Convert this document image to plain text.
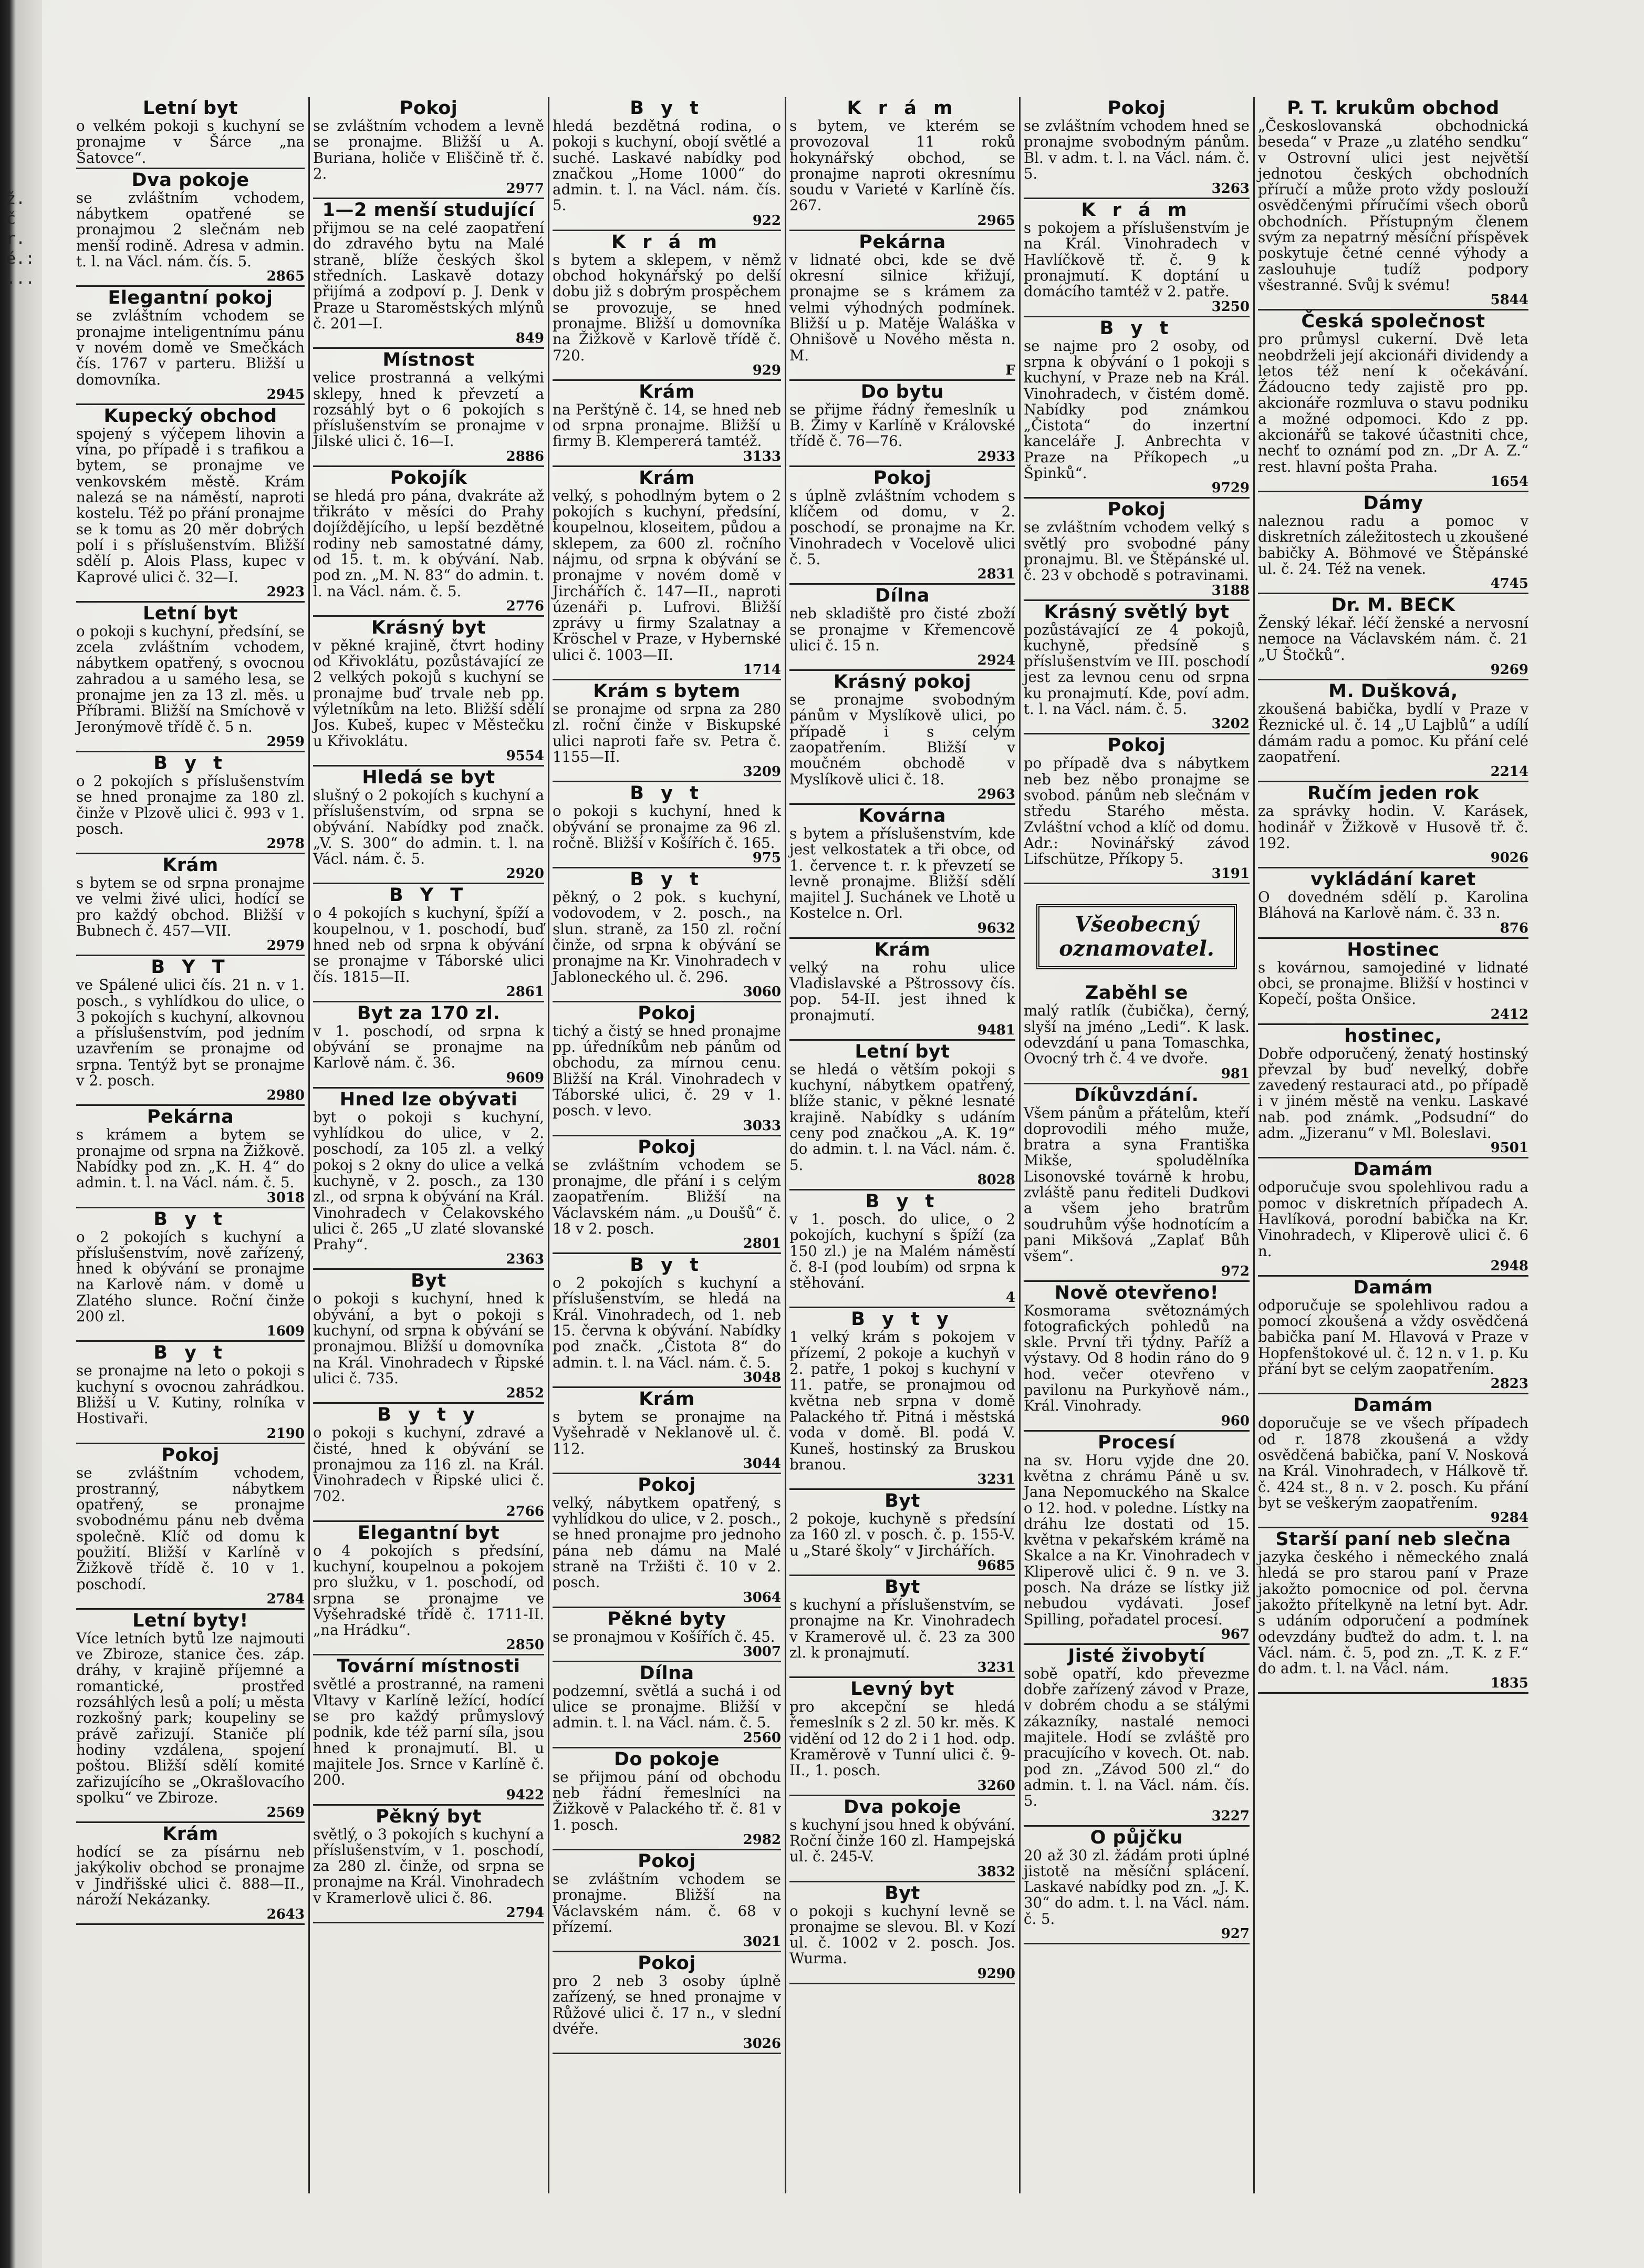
ž.čr.é.: ...
Letní byt
o velkém pokoji s kuchyní se pronajme v Šárce „na Šatovce“.
Dva pokoje
se zvláštním vchodem, nábytkem opatřené se pronajmou 2 slečnám neb menší rodině. Adresa v admin. t. l. na Václ. nám. čís. 5.
2865
Elegantní pokoj
se zvláštním vchodem se pronajme inteligentnímu pánu v novém domě ve Smečkách čís. 1767 v parteru. Bližší u domovníka.
2945
Kupecký obchod
spojený s výčepem lihovin a vína, po případě i s trafikou a bytem, se pronajme ve venkovském městě. Krám nalezá se na náměstí, naproti kostelu. Též po přání pronajme se k tomu as 20 měr dobrých polí i s příslušenstvím. Bližší sdělí p. Alois Plass, kupec v Kaprové ulici č. 32—I.
2923
Letní byt
o pokoji s kuchyní, předsíní, se zcela zvláštním vchodem, nábytkem opatřený, s ovocnou zahradou a u samého lesa, se pronajme jen za 13 zl. měs. u Příbrami. Bližší na Smíchově v Jeronýmově třídě č. 5 n.
2959
B y t
o 2 pokojích s příslušenstvím se hned pronajme za 180 zl. činže v Plzově ulici č. 993 v 1. posch.
2978
Krám
s bytem se od srpna pronajme ve velmi živé ulici, hodící se pro každý obchod. Bližší v Bubnech č. 457—VII.
2979
B Y T
ve Spálené ulici čís. 21 n. v 1. posch., s vyhlídkou do ulice, o 3 pokojích s kuchyní, alkovnou a příslušenstvím, pod jedním uzavřením se pronajme od srpna. Tentýž byt se pronajme v 2. posch.
2980
Pekárna
s krámem a bytem se pronajme od srpna na Žižkově. Nabídky pod zn. „K. H. 4“ do admin. t. l. na Václ. nám. č. 5.
3018
B y t
o 2 pokojích s kuchyní a příslušenstvím, nově zařízený, hned k obývání se pronajme na Karlově nám. v domě u Zlatého slunce. Roční činže 200 zl.
1609
B y t
se pronajme na leto o pokoji s kuchyní s ovocnou zahrádkou. Bližší u V. Kutiny, rolníka v Hostivaři.
2190
Pokoj
se zvláštním vchodem, prostranný, nábytkem opatřený, se pronajme svobodnému pánu neb dvěma společně. Klíč od domu k použití. Bližší v Karlíně v Žižkově třídě č. 10 v 1. poschodí.
2784
Letní byty!
Více letních bytů lze najmouti ve Zbiroze, stanice čes. záp. dráhy, v krajině příjemné a romantické, prostřed rozsáhlých lesů a polí; u města rozkošný park; koupeliny se právě zařizují. Staniče plí hodiny vzdálena, spojení poštou. Bližší sdělí komité zařizujícího se „Okrašlovacího spolku“ ve Zbiroze.
2569
Krám
hodící se za písárnu neb jakýkoliv obchod se pronajme v Jindřišské ulici č. 888—II., nároží Nekázanky.
2643
Pokoj
se zvláštním vchodem a levně se pronajme. Bližší u A. Buriana, holiče v Eliščině tř. č. 2.
2977
1—2 menší studující
přijmou se na celé zaopatření do zdravého bytu na Malé straně, blíže českých škol středních. Laskavě dotazy přijímá a zodpoví p. J. Denk v Praze u Staroměstských mlýnů č. 201—I.
849
Místnost
velice prostranná a velkými sklepy, hned k převzetí a rozsáhlý byt o 6 pokojích s příslušenstvím se pronajme v Jilské ulici č. 16—I.
2886
Pokojík
se hledá pro pána, dvakráte až třikráto v měsíci do Prahy dojíždějícího, u lepší bezdětné rodiny neb samostatné dámy, od 15. t. m. k obývání. Nab. pod zn. „M. N. 83“ do admin. t. l. na Václ. nám. č. 5.
2776
Krásný byt
v pěkné krajině, čtvrt hodiny od Křivoklátu, pozůstávající ze 2 velkých pokojů s kuchyní se pronajme buď trvale neb pp. výletníkům na leto. Bližší sdělí Jos. Kubeš, kupec v Městečku u Křivoklátu.
9554
Hledá se byt
slušný o 2 pokojích s kuchyní a příslušenstvím, od srpna se obývání. Nabídky pod značk. „V. S. 300“ do admin. t. l. na Václ. nám. č. 5.
2920
B Y T
o 4 pokojích s kuchyní, špíží a koupelnou, v 1. poschodí, buď hned neb od srpna k obývání se pronajme v Táborské ulici čís. 1815—II.
2861
Byt za 170 zl.
v 1. poschodí, od srpna k obývání se pronajme na Karlově nám. č. 36.
9609
Hned lze obývati
byt o pokoji s kuchyní, vyhlídkou do ulice, v 2. poschodí, za 105 zl. a velký pokoj s 2 okny do ulice a velká kuchyně, v 2. posch., za 130 zl., od srpna k obývání na Král. Vinohradech v Čelakovského ulici č. 265 „U zlaté slovanské Prahy“.
2363
Byt
o pokoji s kuchyní, hned k obývání, a byt o pokoji s kuchyní, od srpna k obývání se pronajmou. Bližší u domovníka na Král. Vinohradech v Řipské ulici č. 735.
2852
B y t y
o pokoji s kuchyní, zdravé a čisté, hned k obývání se pronajmou za 116 zl. na Král. Vinohradech v Řipské ulici č. 702.
2766
Elegantní byt
o 4 pokojích s předsíní, kuchyní, koupelnou a pokojem pro služku, v 1. poschodí, od srpna se pronajme ve Vyšehradské třídě č. 1711-II. „na Hrádku“.
2850
Tovární místnosti
světlé a prostranné, na rameni Vltavy v Karlíně ležící, hodící se pro každý průmyslový podnik, kde též parní síla, jsou hned k pronajmutí. Bl. u majitele Jos. Srnce v Karlíně č. 200.
9422
Pěkný byt
světlý, o 3 pokojích s kuchyní a příslušenstvím, v 1. poschodí, za 280 zl. činže, od srpna se pronajme na Král. Vinohradech v Kramerlově ulici č. 86.
2794
B y t
hledá bezdětná rodina, o pokoji s kuchyní, obojí světlé a suché. Laskavé nabídky pod značkou „Home 1000“ do admin. t. l. na Václ. nám. čís. 5.
922
K r á m
s bytem a sklepem, v němž obchod hokynářský po delší dobu již s dobrým prospěchem se provozuje, se hned pronajme. Bližší u domovníka na Žižkově v Karlově třídě č. 720.
929
Krám
na Perštýně č. 14, se hned neb od srpna pronajme. Bližší u firmy B. Klempererá tamtéž.
3133
Krám
velký, s pohodlným bytem o 2 pokojích s kuchyní, předsíní, koupelnou, kloseitem, půdou a sklepem, za 600 zl. ročního nájmu, od srpna k obývání se pronajme v novém domě v Jirchářích č. 147—II., naproti úzenáři p. Lufrovi. Bližší zprávy u firmy Szalatnay a Kröschel v Praze, v Hybernské ulici č. 1003—II.
1714
Krám s bytem
se pronajme od srpna za 280 zl. roční činže v Biskupské ulici naproti faře sv. Petra č. 1155—II.
3209
B y t
o pokoji s kuchyní, hned k obývání se pronajme za 96 zl. ročně. Bližší v Košířích č. 165.
975
B y t
pěkný, o 2 pok. s kuchyní, vodovodem, v 2. posch., na slun. straně, za 150 zl. roční činže, od srpna k obývání se pronajme na Kr. Vinohradech v Jabloneckého ul. č. 296.
3060
Pokoj
tichý a čistý se hned pronajme pp. úředníkům neb pánům od obchodu, za mírnou cenu. Bližší na Král. Vinohradech v Táborské ulici, č. 29 v 1. posch. v levo.
3033
Pokoj
se zvláštním vchodem se pronajme, dle přání i s celým zaopatřením. Bližší na Václavském nám. „u Doušů“ č. 18 v 2. posch.
2801
B y t
o 2 pokojích s kuchyní a příslušenstvím, se hledá na Král. Vinohradech, od 1. neb 15. června k obývání. Nabídky pod značk. „Čistota 8“ do admin. t. l. na Václ. nám. č. 5.
3048
Krám
s bytem se pronajme na Vyšehradě v Neklanově ul. č. 112.
3044
Pokoj
velký, nábytkem opatřený, s vyhlídkou do ulice, v 2. posch., se hned pronajme pro jednoho pána neb dámu na Malé straně na Tržišti č. 10 v 2. posch.
3064
Pěkné byty
se pronajmou v Košířích č. 45.
3007
Dílna
podzemní, světlá a suchá i od ulice se pronajme. Bližší v admin. t. l. na Václ. nám. č. 5.
2560
Do pokoje
se přijmou pání od obchodu neb řádní řemeslníci na Žižkově v Palackého tř. č. 81 v 1. posch.
2982
Pokoj
se zvláštním vchodem se pronajme. Bližší na Václavském nám. č. 68 v přízemí.
3021
Pokoj
pro 2 neb 3 osoby úplně zařízený, se hned pronajme v Růžové ulici č. 17 n., v slední dvéře.
3026
K r á m
s bytem, ve kterém se provozoval 11 roků hokynářský obchod, se pronajme naproti okresnímu soudu v Varieté v Karlíně čís. 267.
2965
Pekárna
v lidnaté obci, kde se dvě okresní silnice křižují, pronajme se s krámem za velmi výhodných podmínek. Bližší u p. Matěje Waláška v Ohnišově u Nového města n. M.
F
Do bytu
se přijme řádný řemeslník u B. Žimy v Karlíně v Královské třídě č. 76—76.
2933
Pokoj
s úplně zvláštním vchodem s klíčem od domu, v 2. poschodí, se pronajme na Kr. Vinohradech v Vocelově ulici č. 5.
2831
Dílna
neb skladiště pro čisté zboží se pronajme v Křemencově ulici č. 15 n.
2924
Krásný pokoj
se pronajme svobodným pánům v Myslíkově ulici, po případě i s celým zaopatřením. Bližší v moučném obchodě v Myslíkově ulici č. 18.
2963
Kovárna
s bytem a příslušenstvím, kde jest velkostatek a tři obce, od 1. července t. r. k převzetí se levně pronajme. Bližší sdělí majitel J. Suchánek ve Lhotě u Kostelce n. Orl.
9632
Krám
velký na rohu ulice Vladislavské a Pštrossovy čís. pop. 54-II. jest ihned k pronajmutí.
9481
Letní byt
se hledá o větším pokoji s kuchyní, nábytkem opatřený, blíže stanic, v pěkné lesnaté krajině. Nabídky s udáním ceny pod značkou „A. K. 19“ do admin. t. l. na Václ. nám. č. 5.
8028
B y t
v 1. posch. do ulice, o 2 pokojích, kuchyní s špíží (za 150 zl.) je na Malém náměstí č. 8-I (pod loubím) od srpna k stěhování.
4
B y t y
1 velký krám s pokojem v přízemí, 2 pokoje a kuchyň v 2. patře, 1 pokoj s kuchyní v 11. patře, se pronajmou od května neb srpna v domě Palackého tř. Pitná i městská voda v domě. Bl. podá V. Kuneš, hostinský za Bruskou branou.
3231
Byt
2 pokoje, kuchyně s předsíní za 160 zl. v posch. č. p. 155-V. u „Staré školy“ v Jirchářích.
9685
Byt
s kuchyní a příslušenstvím, se pronajme na Kr. Vinohradech v Kramerově ul. č. 23 za 300 zl. k pronajmutí.
3231
Levný byt
pro akcepční se hledá řemeslník s 2 zl. 50 kr. měs. K vidění od 12 do 2 i 1 hod. odp. Kraměrově v Tunní ulici č. 9-II., 1. posch.
3260
Dva pokoje
s kuchyní jsou hned k obývání. Roční činže 160 zl. Hampejská ul. č. 245-V.
3832
Byt
o pokoji s kuchyní levně se pronajme se slevou. Bl. v Kozí ul. č. 1002 v 2. posch. Jos. Wurma.
9290
Pokoj
se zvláštním vchodem hned se pronajme svobodným pánům. Bl. v adm. t. l. na Václ. nám. č. 5.
3263
K r á m
s pokojem a příslušenstvím je na Král. Vinohradech v Havlíčkově tř. č. 9 k pronajmutí. K doptání u domácího tamtéž v 2. patře.
3250
B y t
se najme pro 2 osoby, od srpna k obývání o 1 pokoji s kuchyní, v Praze neb na Král. Vinohradech, v čistém domě. Nabídky pod známkou „Čistota“ do inzertní kanceláře J. Anbrechta v Praze na Příkopech „u Špinků“.
9729
Pokoj
se zvláštním vchodem velký s světlý pro svobodné pány pronajmu. Bl. ve Štěpánské ul. č. 23 v obchodě s potravinami.
3188
Krásný světlý byt
pozůstávající ze 4 pokojů, kuchyně, předsíně s příslušenstvím ve III. poschodí jest za levnou cenu od srpna ku pronajmutí. Kde, poví adm. t. l. na Václ. nám. č. 5.
3202
Pokoj
po případě dva s nábytkem neb bez něbo pronajme se svobod. pánům neb slečnám v středu Starého města. Zvláštní vchod a klíč od domu. Adr.: Novinářský závod Lifschütze, Příkopy 5.
3191
Všeobecný
oznamovatel.
Zaběhl se
malý ratlík (čubička), černý, slyší na jméno „Ledi“. K lask. odevzdání u pana Tomaschka, Ovocný trh č. 4 ve dvoře.
981
Díkůvzdání.
Všem pánům a přátelům, kteří doprovodili mého muže, bratra a syna Františka Mikše, spoludělníka Lisonovské továrně k hrobu, zvláště panu řediteli Dudkovi a všem jeho bratrům soudruhům výše hodnotícím a pani Mikšová „Zaplať Bůh všem“.
972
Nově otevřeno!
Kosmorama světoznámých fotografických pohledů na skle. První tři týdny. Paříž a výstavy. Od 8 hodin ráno do 9 hod. večer otevřeno v pavilonu na Purkyňově nám., Král. Vinohrady.
960
Procesí
na sv. Horu vyjde dne 20. května z chrámu Páně u sv. Jana Nepomuckého na Skalce o 12. hod. v poledne. Lístky na dráhu lze dostati od 15. května v pekařském krámě na Skalce a na Kr. Vinohradech v Kliperově ulici č. 9 n. ve 3. posch. Na dráze se lístky již nebudou vydávati. Josef Spilling, pořadatel procesí.
967
Jisté živobytí
sobě opatří, kdo převezme dobře zařízený závod v Praze, v dobrém chodu a se stálými zákazníky, nastalé nemoci majitele. Hodí se zvláště pro pracujícího v kovech. Ot. nab. pod zn. „Závod 500 zl.“ do admin. t. l. na Václ. nám. čís. 5.
3227
O půjčku
20 až 30 zl. žádám proti úplné jistotě na měsíční splácení. Laskavé nabídky pod zn. „J. K. 30“ do adm. t. l. na Václ. nám. č. 5.
927
P. T. krukům obchod
„Českoslovanská obchodnická beseda“ v Praze „u zlatého sendku“ v Ostrovní ulici jest největší jednotou českých obchodních příručí a může proto vždy poslouží osvědčenými příručími všech oborů obchodních. Přístupným členem svým za nepatrný měsíční příspěvek poskytuje četné cenné výhody a zaslouhuje tudíž podpory všestranné. Svůj k svému!
5844
Česká společnost
pro průmysl cukerní. Dvě leta neobdrželi její akcionáři dividendy a letos též není k očekávání. Žádoucno tedy zajistě pro pp. akcionáře rozmluva o stavu podniku a možné odpomoci. Kdo z pp. akcionářů se takové účastniti chce, nechť to oznámí pod zn. „Dr A. Z.“ rest. hlavní pošta Praha.
1654
Dámy
naleznou radu a pomoc v diskretních záležitostech u zkoušené babičky A. Böhmové ve Štěpánské ul. č. 24. Též na venek.
4745
Dr. M. BECK
Ženský lékař. léčí ženské a nervosní nemoce na Václavském nám. č. 21 „U Štočků“.
9269
M. Dušková,
zkoušená babička, bydlí v Praze v Řeznické ul. č. 14 „U Lajblů“ a udílí dámám radu a pomoc. Ku přání celé zaopatření.
2214
Ručím jeden rok
za správky hodin. V. Karásek, hodinář v Žižkově v Husově tř. č. 192.
9026
vykládání karet
O dovedném sdělí p. Karolina Bláhová na Karlově nám. č. 33 n.
876
Hostinec
s kovárnou, samojediné v lidnaté obci, se pronajme. Bližší v hostinci v Kopečí, pošta Onšice.
2412
hostinec,
Dobře odporučený, ženatý hostinský převzal by buď nevelký, dobře zavedený restauraci atd., po případě i v jiném městě na venku. Laskavé nab. pod známk. „Podsudní“ do adm. „Jizeranu“ v Ml. Boleslavi.
9501
Damám
odporučuje svou spolehlivou radu a pomoc v diskretních případech A. Havlíková, porodní babička na Kr. Vinohradech, v Kliperově ulici č. 6 n.
2948
Damám
odporučuje se spolehlivou radou a pomocí zkoušená a vždy osvědčená babička paní M. Hlavová v Praze v Hopfenštokové ul. č. 12 n. v 1. p. Ku přání byt se celým zaopatřením.
2823
Damám
doporučuje se ve všech případech od r. 1878 zkoušená a vždy osvědčená babička, paní V. Nosková na Král. Vinohradech, v Hálkově tř. č. 424 st., 8 n. v 2. posch. Ku přání byt se veškerým zaopatřením.
9284
Starší paní neb slečna
jazyka českého i německého znalá hledá se pro starou paní v Praze jakožto pomocnice od pol. června jakožto přítelkyně na letní byt. Adr. s udáním odporučení a podmínek odevzdány buďtež do adm. t. l. na Václ. nám. č. 5, pod zn. „T. K. z F.“ do adm. t. l. na Václ. nám.
1835
